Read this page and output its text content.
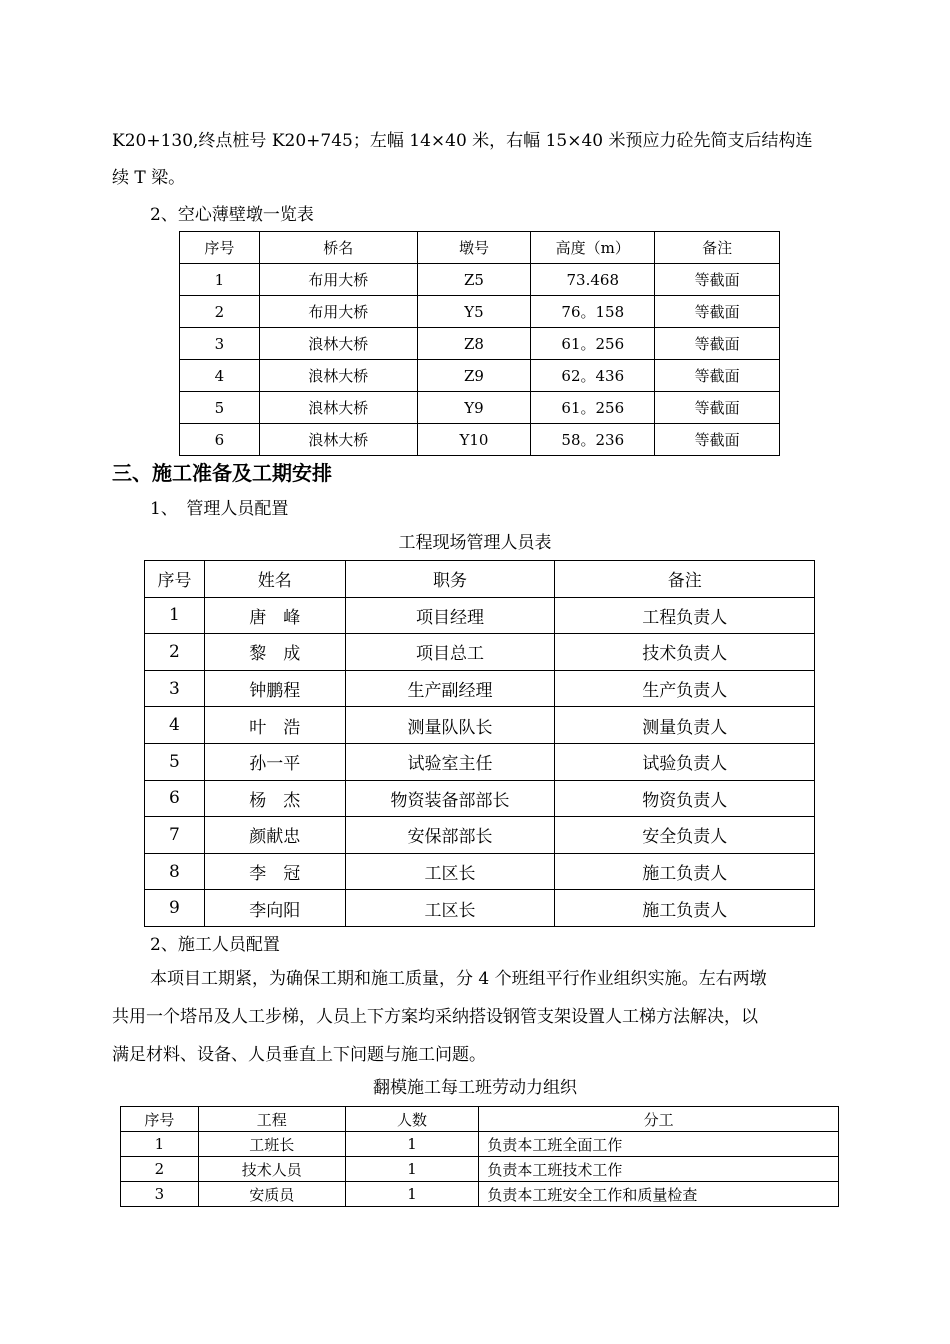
K20+130,终点桩号 K20+745；左幅 14×40 米，右幅 15×40 米预应力砼先简支后结构连
续 T 梁。
2、空心薄壁墩一览表
序号	桥名	墩号	高度（m）	备注
1	布用大桥	Z5	73.468	等截面
2	布用大桥	Y5	76。158	等截面
3	浪林大桥	Z8	61。256	等截面
4	浪林大桥	Z9	62。436	等截面
5	浪林大桥	Y9	61。256	等截面
6	浪林大桥	Y10	58。236	等截面
三、施工准备及工期安排
1、　管理人员配置
工程现场管理人员表
序号	姓名	职务	备注
1	唐　峰	项目经理	工程负责人
2	黎　成	项目总工	技术负责人
3	钟鹏程	生产副经理	生产负责人
4	叶　浩	测量队队长	测量负责人
5	孙一平	试验室主任	试验负责人
6	杨　杰	物资装备部部长	物资负责人
7	颜献忠	安保部部长	安全负责人
8	李　冠	工区长	施工负责人
9	李向阳	工区长	施工负责人
2、施工人员配置
本项目工期紧，为确保工期和施工质量，分 4 个班组平行作业组织实施。左右两墩
共用一个塔吊及人工步梯，人员上下方案均采纳搭设钢管支架设置人工梯方法解决，以
满足材料、设备、人员垂直上下问题与施工问题。
翻模施工每工班劳动力组织
序号	工程	人数	分工
1	工班长	1	负责本工班全面工作
2	技术人员	1	负责本工班技术工作
3	安质员	1	负责本工班安全工作和质量检查
